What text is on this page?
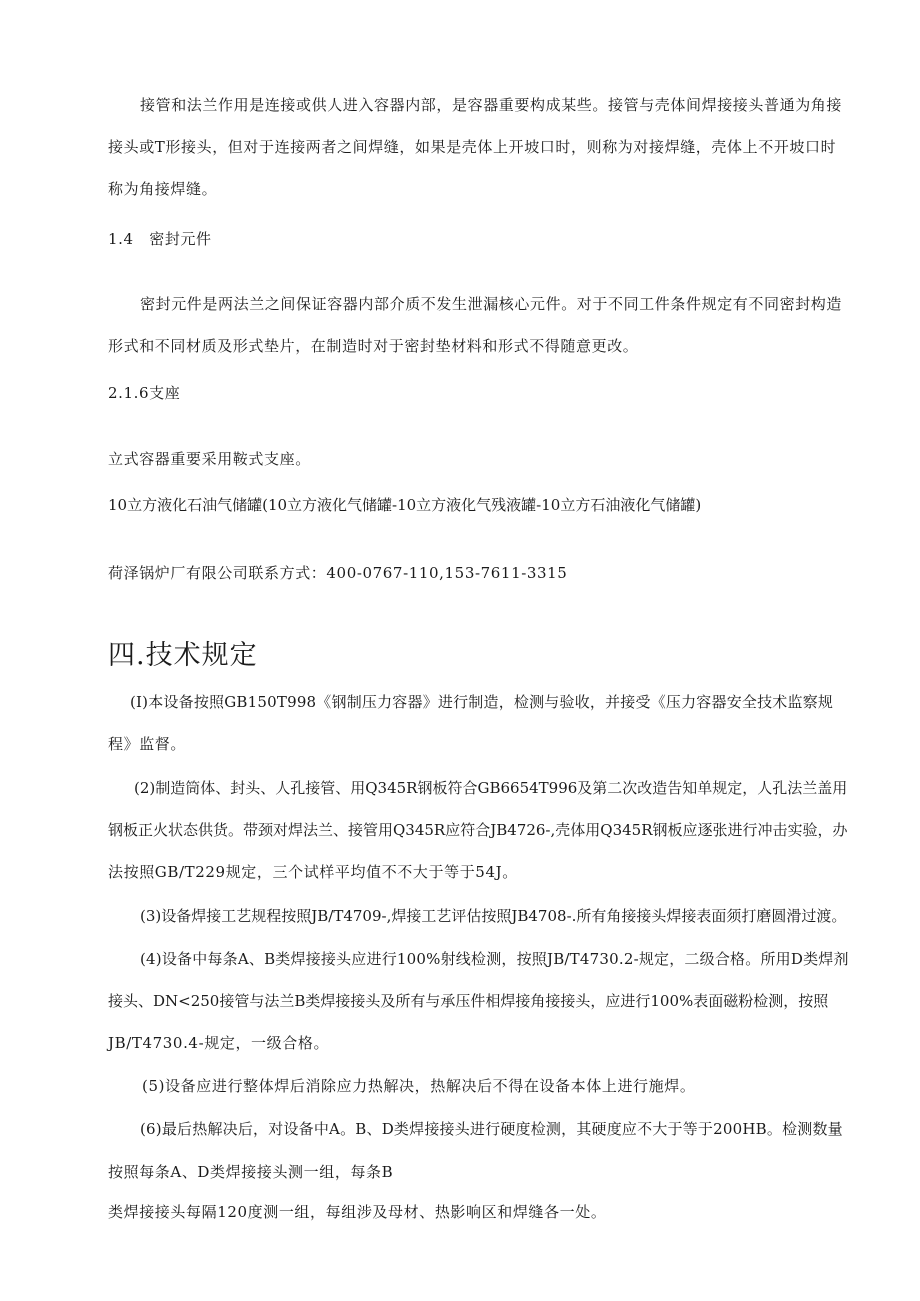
接管和法兰作用是连接或供人进入容器内部，是容器重要构成某些。接管与壳体间焊接接头普通为角接
接头或T形接头，但对于连接两者之间焊缝，如果是壳体上开坡口时，则称为对接焊缝，壳体上不开坡口时
称为角接焊缝。
1.4　密封元件
密封元件是两法兰之间保证容器内部介质不发生泄漏核心元件。对于不同工件条件规定有不同密封构造
形式和不同材质及形式垫片，在制造时对于密封垫材料和形式不得随意更改。
2.1.6支座
立式容器重要采用鞍式支座。
10立方液化石油气储罐(10立方液化气储罐-10立方液化气残液罐-10立方石油液化气储罐)
荷泽锅炉厂有限公司联系方式：400-0767-110,153-7611-3315
四.技术规定
(I)本设备按照GB150T998《钢制压力容器》进行制造，检测与验收，并接受《压力容器安全技术监察规
程》监督。
(2)制造筒体、封头、人孔接管、用Q345R钢板符合GB6654T996及第二次改造告知单规定，人孔法兰盖用
钢板正火状态供货。带颈对焊法兰、接管用Q345R应符合JB4726-,壳体用Q345R钢板应逐张进行冲击实验，办
法按照GB/T229规定，三个试样平均值不不大于等于54J。
(3)设备焊接工艺规程按照JB/T4709-,焊接工艺评估按照JB4708-.所有角接接头焊接表面须打磨圆滑过渡。
(4)设备中每条A、B类焊接接头应进行100%射线检测，按照JB/T4730.2-规定，二级合格。所用D类焊剂
接头、DN<250接管与法兰B类焊接接头及所有与承压件相焊接角接接头，应进行100%表面磁粉检测，按照
JB/T4730.4-规定，一级合格。
(5)设备应进行整体焊后消除应力热解决，热解决后不得在设备本体上进行施焊。
(6)最后热解决后，对设备中A。B、D类焊接接头进行硬度检测，其硬度应不大于等于200HB。检测数量
按照每条A、D类焊接接头测一组，每条B
类焊接接头每隔120度测一组，每组涉及母材、热影响区和焊缝各一处。
